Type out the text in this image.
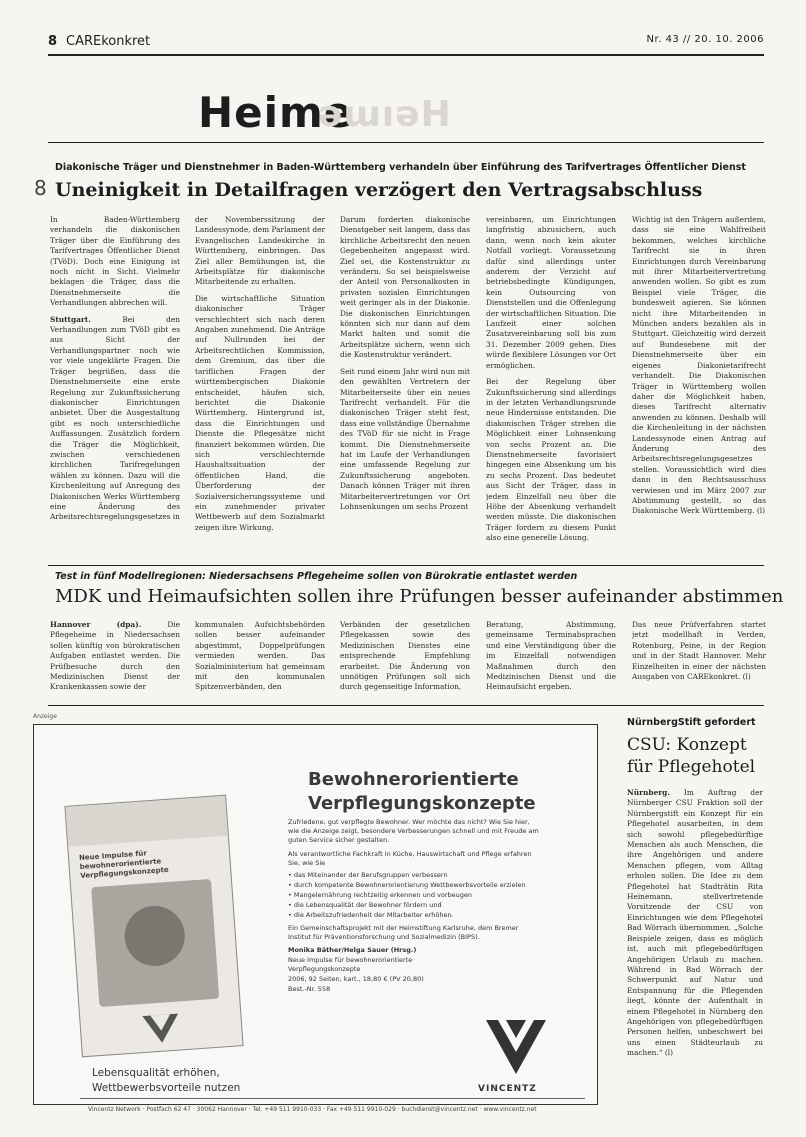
8 CAREkonkret	Nr. 43 // 20. 10. 2006
Heime
ǝɯıǝH
Diakonische Träger und Dienstnehmer in Baden-Württemberg verhandeln über Einführung des Tarifvertrages Öffentlicher Dienst
8 Uneinigkeit in Detailfragen verzögert den Vertragsabschluss

In Baden-Württemberg verhandeln die diakonischen Träger über die Einführung des Tarifvertrages Öffentlicher Dienst (TVöD). Doch eine Einigung ist noch nicht in Sicht. Vielmehr beklagen die Träger, dass die Dienstnehmerseite die Verhandlungen abbrechen will.

Stuttgart. Bei den Verhandlungen zum TVöD gibt es aus Sicht der Verhandlungspartner noch wie vor viele ungeklärte Fragen. Die Träger begrüßen, dass die Dienstnehmerseite eine erste Regelung zur Zukunftssicherung diakonischer Einrichtungen anbietet. Über die Ausgestaltung gibt es noch unterschiedliche Auffassungen. Zusätzlich fordern die Träger die Möglichkeit, zwischen verschiedenen kirchlichen Tarifregelungen wählen zu können. Dazu will die Kirchenleitung auf Anregung des Diakonischen Werks Württemberg eine Änderung des Arbeitsrechtsregelungsgesetzes in

der Novemberssitzung der Landessynode, dem Parlament der Evangelischen Landeskirche in Württemberg, einbringen. Das Ziel aller Bemühungen ist, die Arbeitsplätze für diakonische Mitarbeitende zu erhalten.

Die wirtschaftliche Situation diakonischer Träger verschlechtert sich nach deren Angaben zunehmend. Die Anträge auf Nullrunden bei der Arbeitsrechtlichen Kommission, dem Gremium, das über die tariflichen Fragen der württembergischen Diakonie entscheidet, häufen sich, berichtet die Diakonie Württemberg. Hintergrund ist, dass die Einrichtungen und Dienste die Pflegesätze nicht finanziert bekommen würden. Die sich verschlechternde Haushaltssituation der öffentlichen Hand, die Überforderung der Sozialversicherungssysteme und ein zunehmender privater Wettbewerb auf dem Sozialmarkt zeigen ihre Wirkung.

Darum forderten diakonische Dienstgeber seit langem, dass das kirchliche Arbeitsrecht den neuen Gegebenheiten angepasst wird. Ziel sei, die Kostenstruktur zu verändern. So sei beispielsweise der Anteil von Personalkosten in privaten sozialen Einrichtungen weit geringer als in der Diakonie. Die diakonischen Einrichtungen könnten sich nur dann auf dem Markt halten und somit die Arbeitsplätze sichern, wenn sich die Kostenstruktur verändert.

Seit rund einem Jahr wird nun mit den gewählten Vertretern der Mitarbeiterseite über ein neues Tarifrecht verhandelt. Für die diakonischen Träger steht fest, dass eine vollständige Übernahme des TVöD für sie nicht in Frage kommt. Die Dienstnehmerseite hat im Laufe der Verhandlungen eine umfassende Regelung zur Zukunftssicherung angeboten. Danach können Träger mit ihren Mitarbeitervertretungen vor Ort Lohnsenkungen um sechs Prozent

vereinbaren, um Einrichtungen langfristig abzusichern, auch dann, wenn noch kein akuter Notfall vorliegt. Voraussetzung dafür sind allerdings unter anderem der Verzicht auf betriebsbedingte Kündigungen, kein Outsourcing von Dienststellen und die Offenlegung der wirtschaftlichen Situation. Die Laufzeit einer solchen Zusatzvereinbarung soll bis zum 31. Dezember 2009 gehen. Dies würde flexiblere Lösungen vor Ort ermöglichen.

Bei der Regelung über Zukunftssicherung sind allerdings in der letzten Verhandlungsrunde neue Hindernisse entstanden. Die diakonischen Träger streben die Möglichkeit einer Lohnsenkung von sechs Prozent an. Die Dienstnehmerseite favorisiert hingegen eine Absenkung um bis zu sechs Prozent. Das bedeutet aus Sicht der Träger, dass in jedem Einzelfall neu über die Höhe der Absenkung verhandelt werden müsste. Die diakonischen Träger fordern zu diesem Punkt also eine generelle Lösung.

Wichtig ist den Trägern außerdem, dass sie eine Wahlfreiheit bekommen, welches kirchliche Tarifrecht sie in ihren Einrichtungen durch Vereinbarung mit ihrer Mitarbeitervertretung anwenden wollen. So gibt es zum Beispiel viele Träger, die bundesweit agieren. Sie können nicht ihre Mitarbeitenden in München anders bezahlen als in Stuttgart. Gleichzeitig wird derzeit auf Bundesebene mit der Dienstnehmerseite über ein eigenes Diakonietarifrecht verhandelt. Die Diakonischen Träger in Württemberg wollen daher die Möglichkeit haben, dieses Tarifrecht alternativ anwenden zu können. Deshalb will die Kirchenleitung in der nächsten Landessynode einen Antrag auf Änderung des Arbeitsrechtsregelungsgesetzes stellen. Voraussichtlich wird dies dann in den Rechtsausschuss verwiesen und im März 2007 zur Abstimmung gestellt, so das Diakonische Werk Württemberg. (l)

Test in fünf Modellregionen: Niedersachsens Pflegeheime sollen von Bürokratie entlastet werden
MDK und Heimaufsichten sollen ihre Prüfungen besser aufeinander abstimmen

Hannover (dpa). Die Pflegeheime in Niedersachsen sollen künftig von bürokratischen Aufgaben entlastet werden. Die Prüfbesuche durch den Medizinischen Dienst der Krankenkassen sowie der

kommunalen Aufsichtsbehörden sollen besser aufeinander abgestimmt, Doppelprüfungen vermieden werden. Das Sozialministerium hat gemeinsam mit den kommunalen Spitzenverbänden, den

Verbänden der gesetzlichen Pflegekassen sowie des Medizinischen Dienstes eine entsprechende Empfehlung erarbeitet. Die Änderung von unnötigen Prüfungen soll sich durch gegenseitige Information,

Beratung, Abstimmung, gemeinsame Terminabsprachen und eine Verständigung über die im Einzelfall notwendigen Maßnahmen durch den Medizinischen Dienst und die Heimaufsicht ergeben.

Das neue Prüfverfahren startet jetzt modellhaft in Verden, Rotenburg, Peine, in der Region und in der Stadt Hannover. Mehr Einzelheiten in einer der nächsten Ausgaben von CAREkonkret. (l)

Anzeige
Neue Impulse für bewohnerorientierte Verpflegungskonzepte
Bewohnerorientierte
Verpflegungskonzepte
Zufriedene, gut verpflegte Bewohner. Wer möchte das nicht? Wie Sie hier, wie die Anzeige zeigt, besondere Verbesserungen schnell und mit Freude am guten Service sicher gestalten.
Als verantwortliche Fachkraft in Küche, Hauswirtschaft und Pflege erfahren Sie, wie Sie
• das Miteinander der Berufsgruppen verbessern
• durch kompetente Bewohnerorientierung Wettbewerbsvorteile erzielen
• Mangelernährung rechtzeitig erkennen und vorbeugen
• die Lebensqualität der Bewohner fördern und
• die Arbeitszufriedenheit der Mitarbeiter erhöhen.
Ein Gemeinschaftsprojekt mit der Heimstiftung Karlsruhe, dem Bremer Institut für Präventionsforschung und Sozialmedizin (BIPS).
Monika Bäther/Helga Sauer (Hrsg.)
Neue Impulse für bewohnerorientierte Verpflegungskonzepte
2006, 92 Seiten, kart., 18,80 € (PV 20,80)
Best.-Nr. 558
Lebensqualität erhöhen,
Wettbewerbsvorteile nutzen	VINCENTZ
Vincentz Network · Postfach 62 47 · 30062 Hannover · Tel. +49 511 9910-033 · Fax +49 511 9910-029 · buchdienst@vincentz.net · www.vincentz.net
NürnbergStift gefordert
CSU: Konzept
für Pflegehotel

Nürnberg. Im Auftrag der Nürnberger CSU Fraktion soll der Nürnbergstift ein Konzept für ein Pflegehotel ausarbeiten, in dem sich sowohl pflegebedürftige Menschen als auch Menschen, die ihre Angehörigen und andere Menschen pflegen, vom Alltag erholen sollen. Die Idee zu dem Pflegehotel hat Stadträtin Rita Heinemann, stellvertretende Vorsitzende der CSU von Einrichtungen wie dem Pflegehotel Bad Wörrach übernommen. „Solche Beispiele zeigen, dass es möglich ist, auch mit pflegebedürftigen Angehörigen Urlaub zu machen. Während in Bad Wörrach der Schwerpunkt auf Natur und Entspannung für die Pflegenden liegt, könnte der Aufenthalt in einem Pflegehotel in Nürnberg den Angehörigen von pflegebedürftigen Personen helfen, unbeschwert bei uns einen Städteurlaub zu machen.“ (l)
